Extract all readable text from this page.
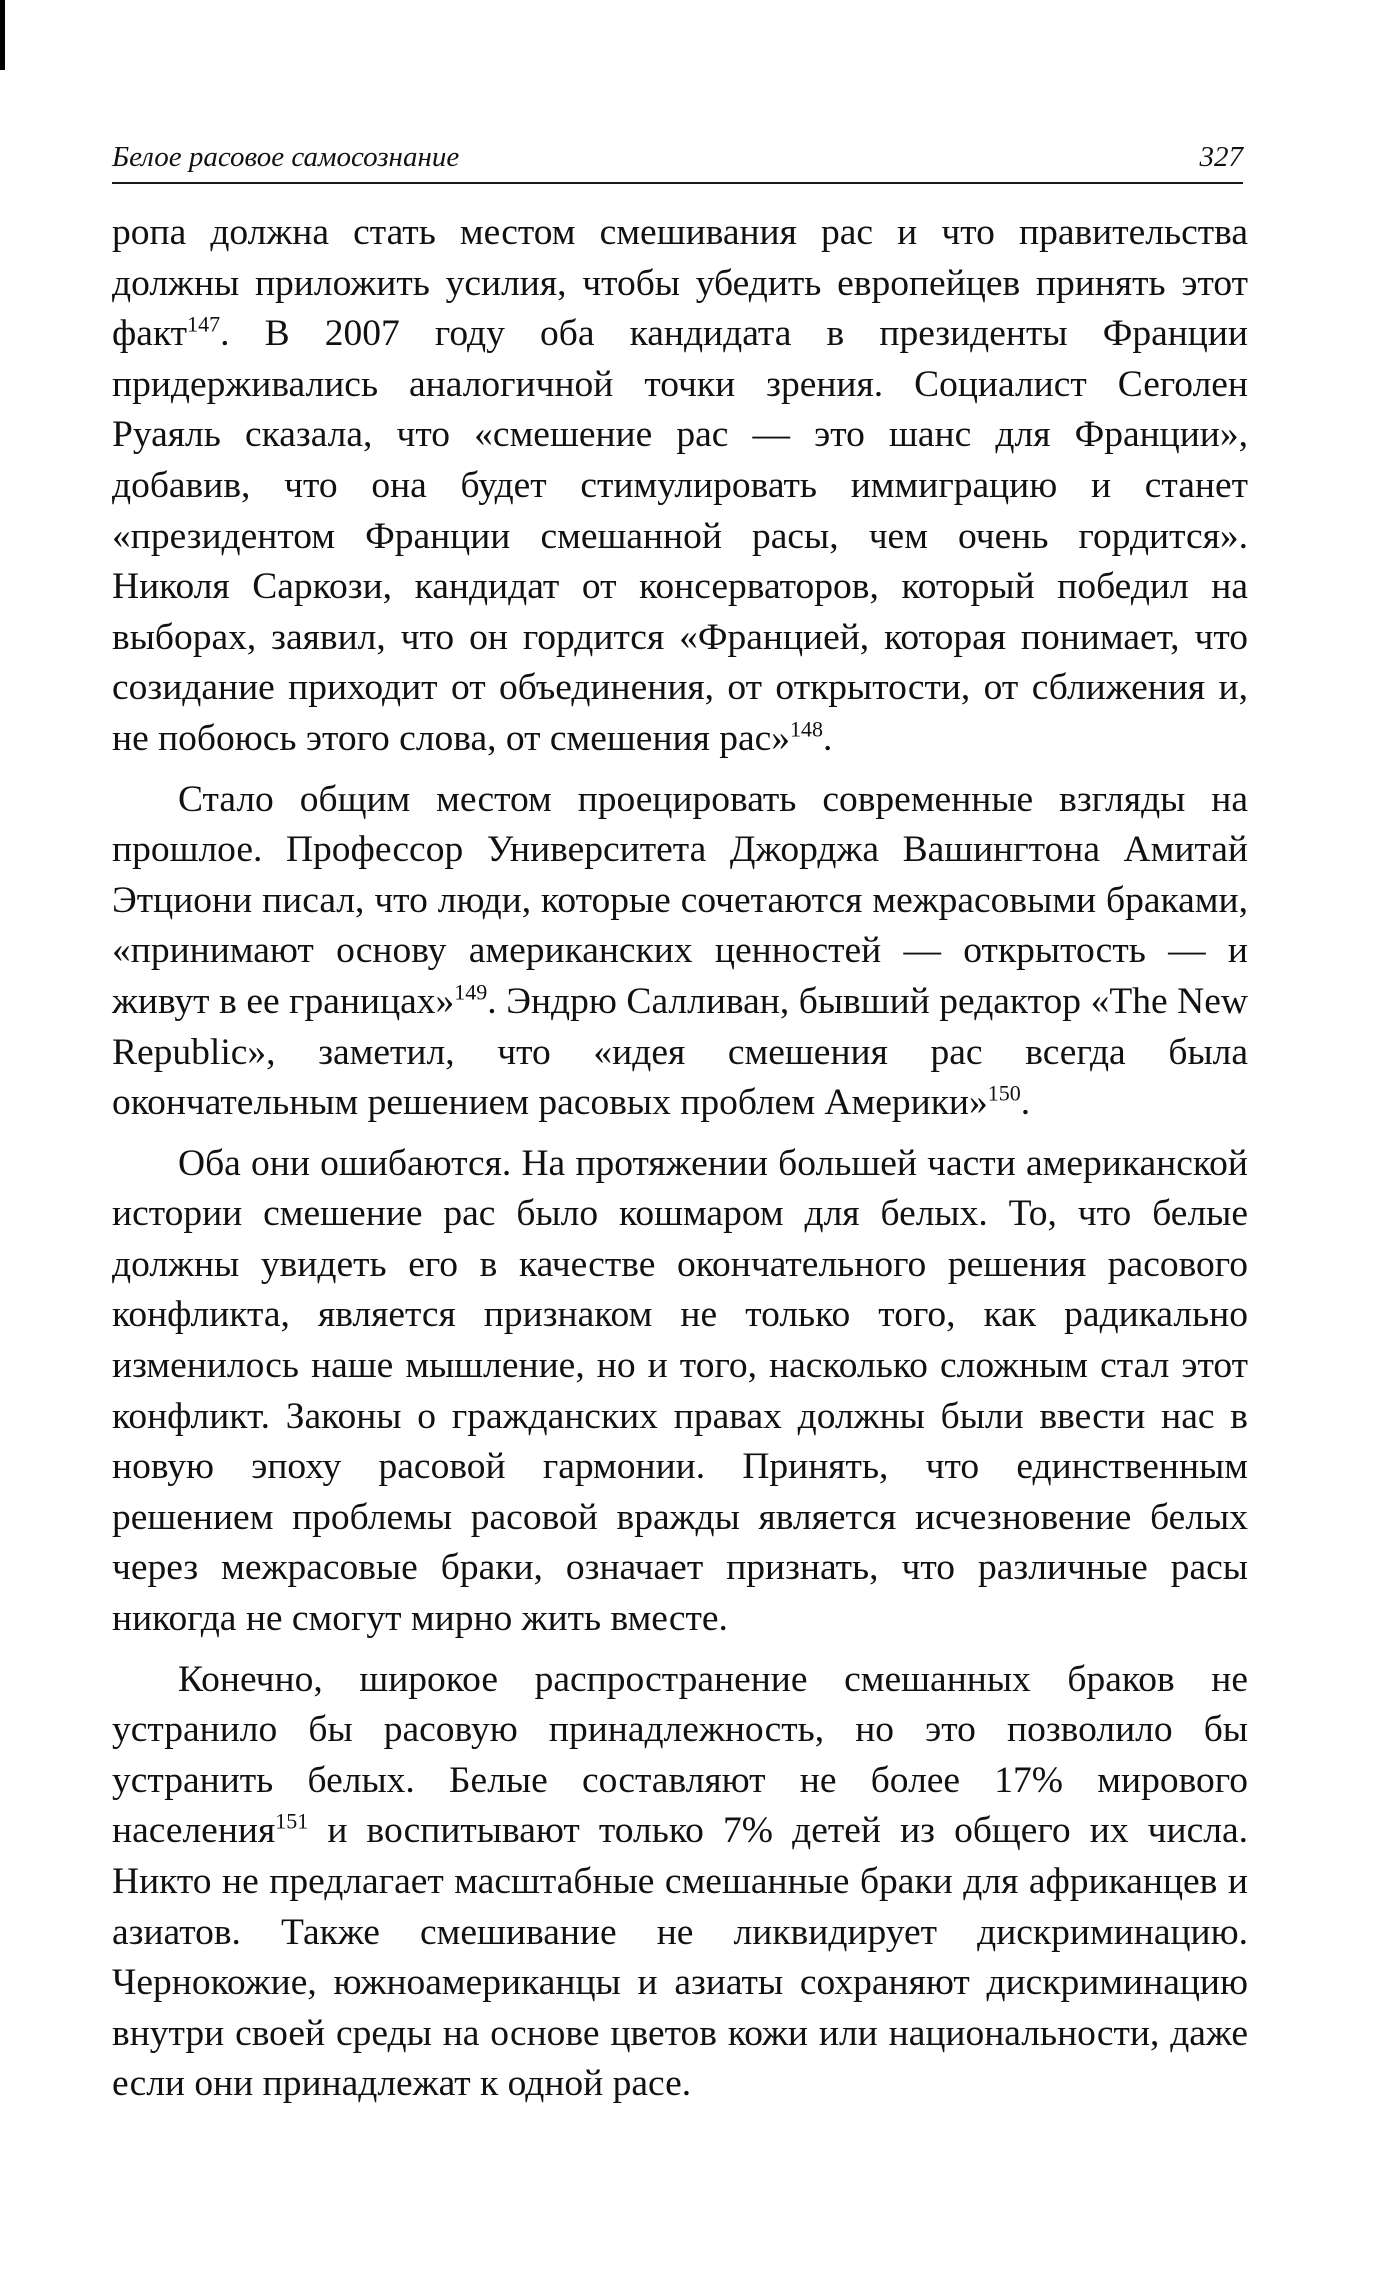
Белое расовое самосознание	327

ропа должна стать местом смешивания рас и что правительства должны приложить усилия, чтобы убедить европейцев принять этот факт$^{147}$. В 2007 году оба кандидата в президенты Франции придерживались аналогичной точки зрения. Социалист Сеголен Руаяль сказала, что «смешение рас — это шанс для Франции», добавив, что она будет стимулировать иммиграцию и станет «президентом Франции смешанной расы, чем очень гордится». Николя Саркози, кандидат от консерваторов, который победил на выборах, заявил, что он гордится «Францией, которая понимает, что созидание приходит от объединения, от открытости, от сближения и, не побоюсь этого слова, от смешения рас»$^{148}$.

Стало общим местом проецировать современные взгляды на прошлое. Профессор Университета Джорджа Вашингтона Амитай Этциони писал, что люди, которые сочетаются межрасовыми браками, «принимают основу американских ценностей — открытость — и живут в ее границах»$^{149}$. Эндрю Салливан, бывший редактор «The New Republic», заметил, что «идея смешения рас всегда была окончательным решением расовых проблем Америки»$^{150}$.

Оба они ошибаются. На протяжении большей части американской истории смешение рас было кошмаром для белых. То, что белые должны увидеть его в качестве окончательного решения расового конфликта, является признаком не только того, как радикально изменилось наше мышление, но и того, насколько сложным стал этот конфликт. Законы о гражданских правах должны были ввести нас в новую эпоху расовой гармонии. Принять, что единственным решением проблемы расовой вражды является исчезновение белых через межрасовые браки, означает признать, что различные расы никогда не смогут мирно жить вместе.

Конечно, широкое распространение смешанных браков не устранило бы расовую принадлежность, но это позволило бы устранить белых. Белые составляют не более 17% мирового населения$^{151}$ и воспитывают только 7% детей из общего их числа. Никто не предлагает масштабные смешанные браки для африканцев и азиатов. Также смешивание не ликвидирует дискриминацию. Чернокожие, южноамериканцы и азиаты сохраняют дискриминацию внутри своей среды на основе цветов кожи или национальности, даже если они принадлежат к одной расе.
